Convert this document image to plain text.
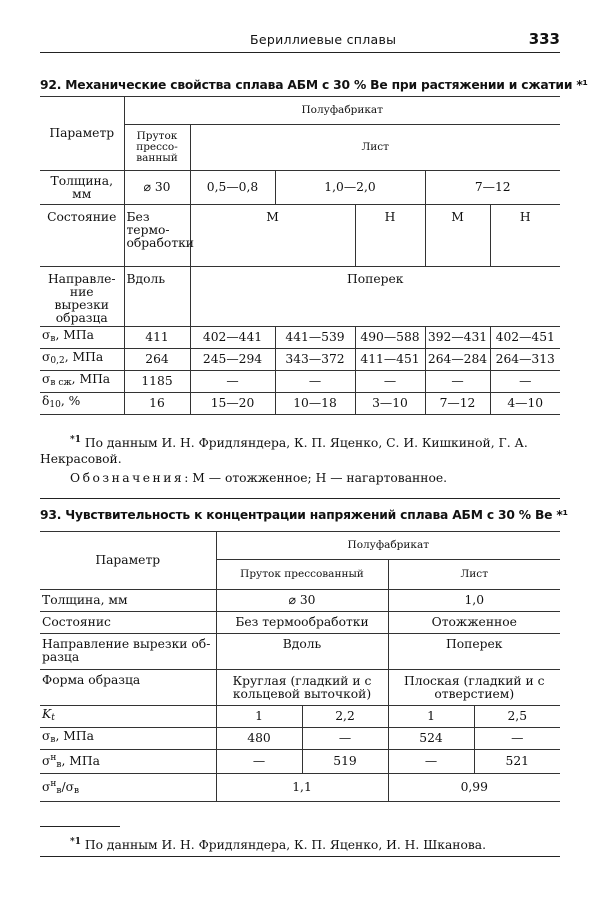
Бериллиевые сплавы	333
92. Механические свойства сплава АБМ с 30 % Be при растяжении и сжатии *¹
Параметр	Полуфабрикат					
	Пруток прессо-ванный	Лист				
Толщина, мм	⌀ 30	0,5—0,8	1,0—2,0		7—12	
Состояние	Без термо-обработки	М		Н	М	Н
Направле-ние вырезки образца	Вдоль	Поперек				
$\sigma_в$, МПа	411	402—441	441—539	490—588	392—431	402—451
$\sigma_{0,2}$, МПа	264	245—294	343—372	411—451	264—284	264—313
$\sigma_{в сж}$, МПа	1185	—	—	—	—	—
$\delta_{10}$, %	16	15—20	10—18	3—10	7—12	4—10
$^{*1}$ По данным И. Н. Фридляндера, К. П. Яценко, С. И. Кишкиной, Г. А. Некрасовой.
Обозначения: М — отожженное; Н — нагартованное.
93. Чувствительность к концентрации напряжений сплава АБМ с 30 % Be *¹
Параметр	Полуфабрикат			
	Пруток прессованный		Лист	
Толщина, мм	⌀ 30		1,0	
Состоянис	Без термообработки		Отожженное	
Направление вырезки об-разца	Вдоль		Поперек	
Форма образца	Круглая (гладкий и с кольцевой выточкой)		Плоская (гладкий и с отверстием)	
$K_t$	1	2,2	1	2,5
$\sigma_в$, МПа	480	—	524	—
$\sigma^н_в$, МПа	—	519	—	521
$\sigma^н_в/\sigma_в$	1,1		0,99	
$^{*1}$ По данным И. Н. Фридляндера, К. П. Яценко, И. Н. Шканова.
